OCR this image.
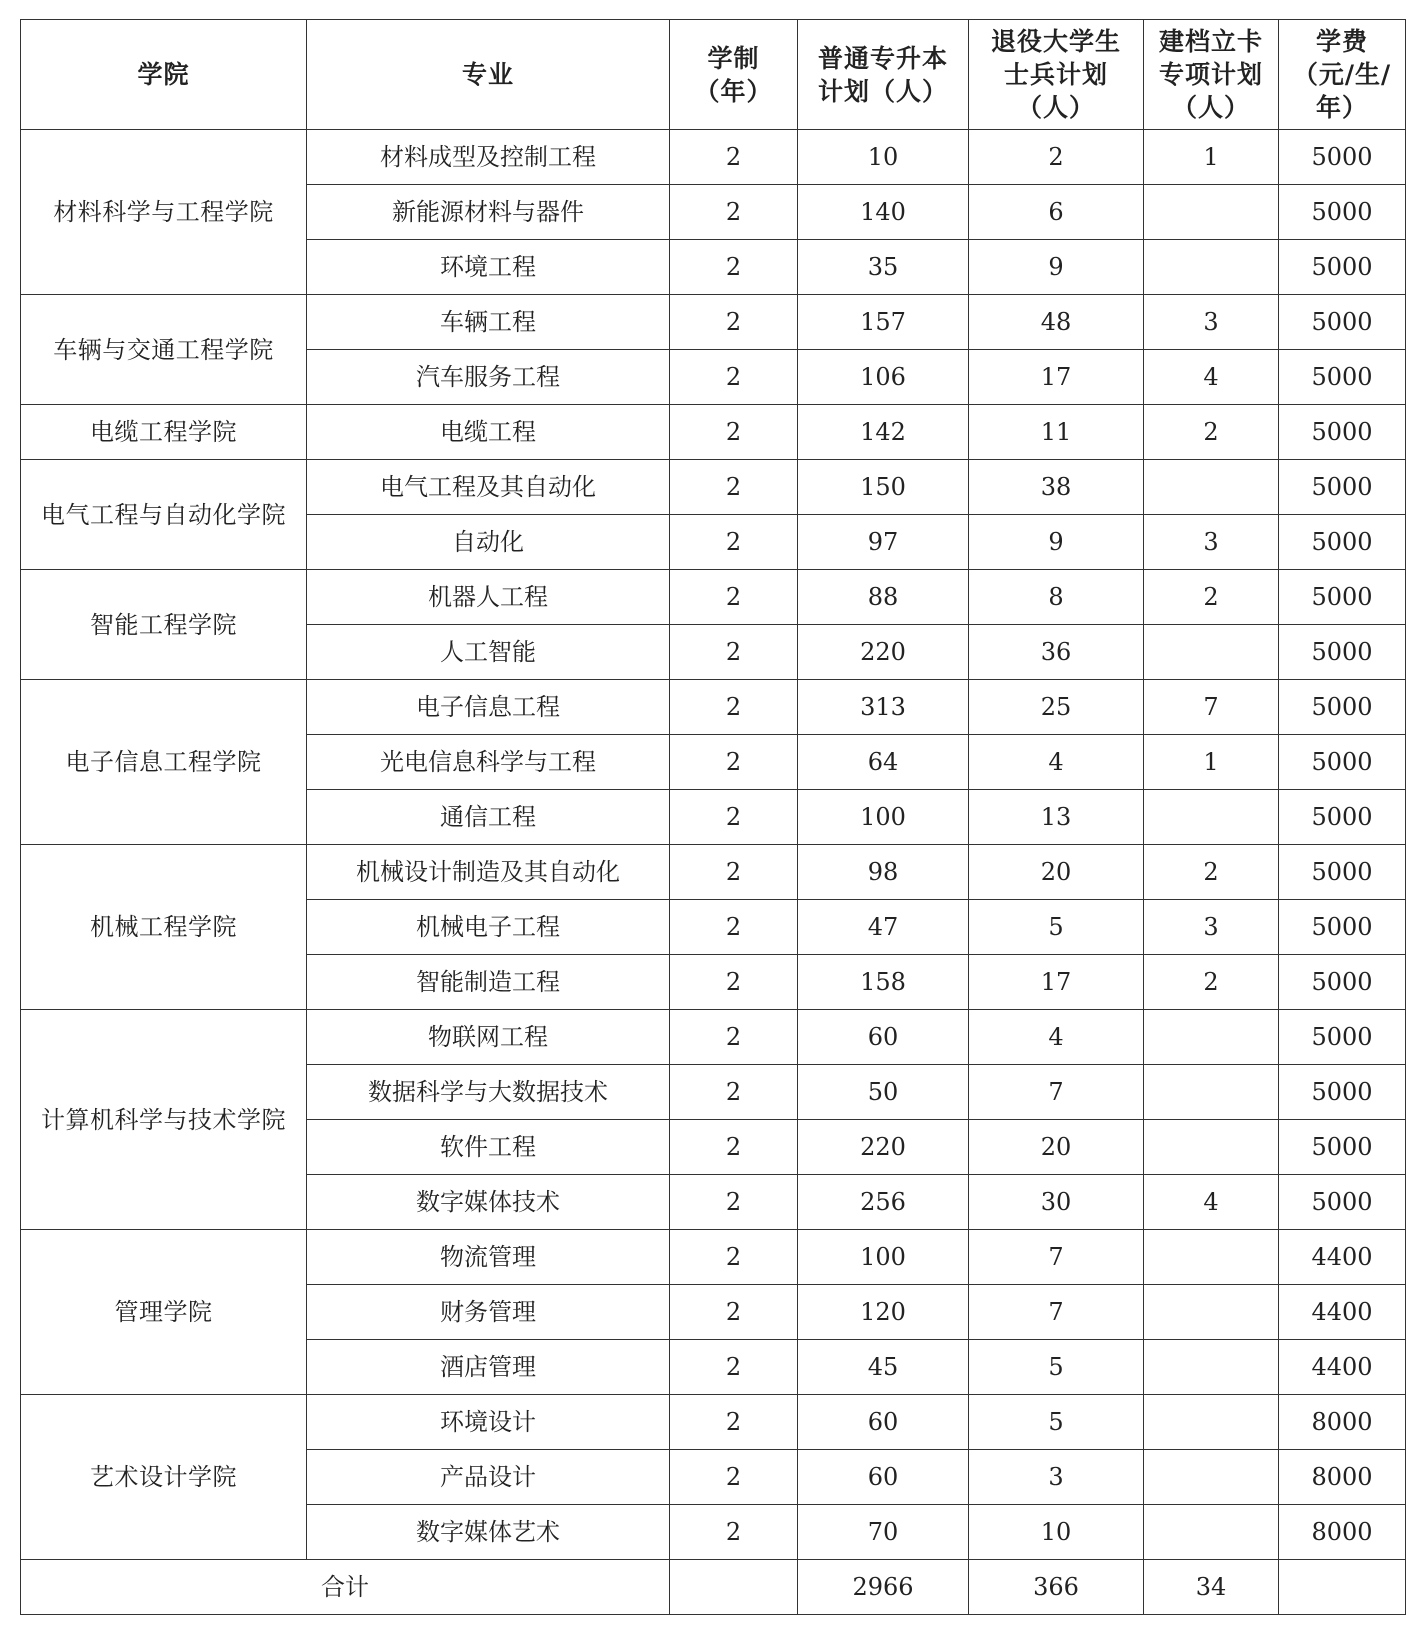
学院	专业	学制（年）	普通专升本计划（人）	退役大学生士兵计划（人）	建档立卡专项计划（人）	学费（元/生/年）
材料科学与工程学院	材料成型及控制工程	2	10	2	1	5000
	新能源材料与器件	2	140	6		5000
	环境工程	2	35	9		5000
车辆与交通工程学院	车辆工程	2	157	48	3	5000
	汽车服务工程	2	106	17	4	5000
电缆工程学院	电缆工程	2	142	11	2	5000
电气工程与自动化学院	电气工程及其自动化	2	150	38		5000
	自动化	2	97	9	3	5000
智能工程学院	机器人工程	2	88	8	2	5000
	人工智能	2	220	36		5000
电子信息工程学院	电子信息工程	2	313	25	7	5000
	光电信息科学与工程	2	64	4	1	5000
	通信工程	2	100	13		5000
机械工程学院	机械设计制造及其自动化	2	98	20	2	5000
	机械电子工程	2	47	5	3	5000
	智能制造工程	2	158	17	2	5000
计算机科学与技术学院	物联网工程	2	60	4		5000
	数据科学与大数据技术	2	50	7		5000
	软件工程	2	220	20		5000
	数字媒体技术	2	256	30	4	5000
管理学院	物流管理	2	100	7		4400
	财务管理	2	120	7		4400
	酒店管理	2	45	5		4400
艺术设计学院	环境设计	2	60	5		8000
	产品设计	2	60	3		8000
	数字媒体艺术	2	70	10		8000
合计			2966	366	34	
